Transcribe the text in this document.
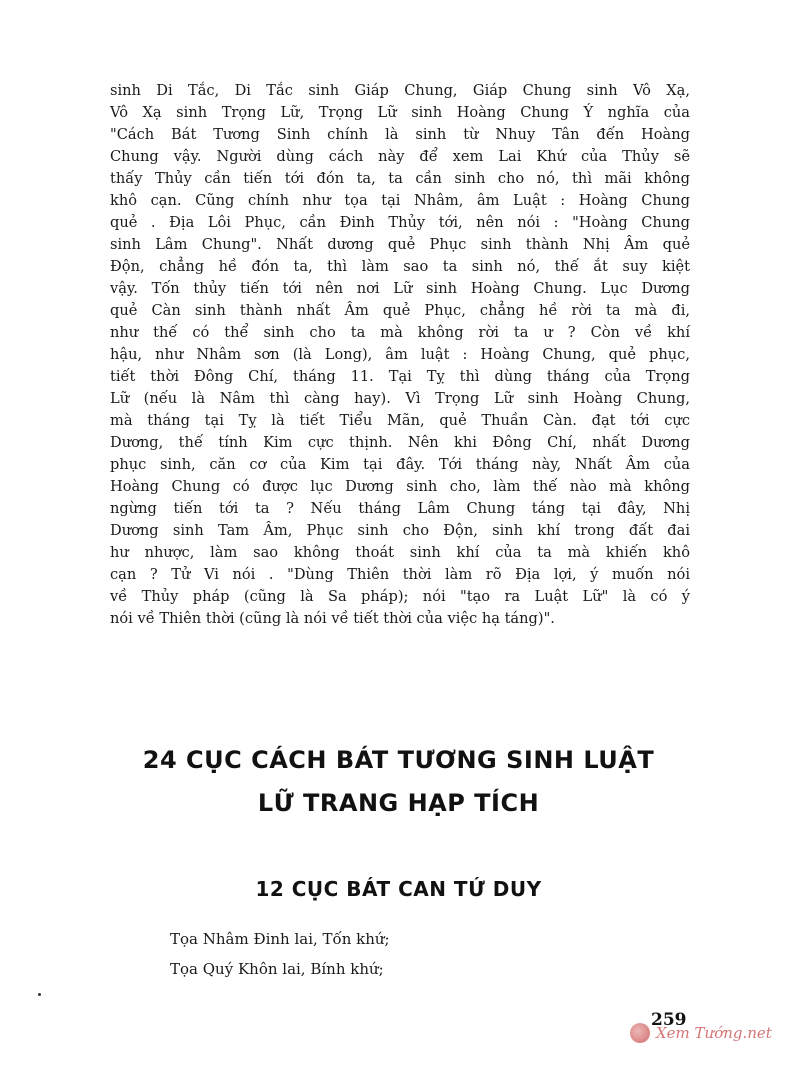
sinh Di Tắc, Di Tắc sinh Giáp Chung, Giáp Chung sinh Vô Xạ,
Vô Xạ sinh Trọng Lữ, Trọng Lữ sinh Hoàng Chung Ý nghĩa của
"Cách Bát Tương Sinh chính là sinh từ Nhuy Tân đến Hoàng
Chung vậy. Người dùng cách này để xem Lai Khứ của Thủy sẽ
thấy Thủy cần tiến tới đón ta, ta cần sinh cho nó, thì mãi không
khô cạn. Cũng chính như tọa tại Nhâm, âm Luật : Hoàng Chung
quẻ . Địa Lôi Phục, cần Đinh Thủy tới, nên nói : "Hoàng Chung
sinh Lâm Chung". Nhất dương quẻ Phục sinh thành Nhị Âm quẻ
Độn, chẳng hề đón ta, thì làm sao ta sinh nó, thế ắt suy kiệt
vậy. Tốn thủy tiến tới nên nơi Lữ sinh Hoàng Chung. Lục Dương
quẻ Càn sinh thành nhất Âm quẻ Phục, chẳng hề rời ta mà đi,
như thế có thể sinh cho ta mà không rời ta ư ? Còn về khí
hậu, như Nhâm sơn (là Long), âm luật : Hoàng Chung, quẻ phục,
tiết thời Đông Chí, tháng 11. Tại Tỵ thì dùng tháng của Trọng
Lữ (nếu là Nâm thì càng hay). Vì Trọng Lữ sinh Hoàng Chung,
mà tháng tại Tỵ là tiết Tiểu Mãn, quẻ Thuần Càn. đạt tới cực
Dương, thế tính Kim cực thịnh. Nên khi Đông Chí, nhất Dương
phục sinh, căn cơ của Kim tại đây. Tới tháng này, Nhất Âm của
Hoàng Chung có được lục Dương sinh cho, làm thế nào mà không
ngừng tiến tới ta ? Nếu tháng Lâm Chung táng tại đây, Nhị
Dương sinh Tam Âm, Phục sinh cho Độn, sinh khí trong đất đai
hư nhược, làm sao không thoát sinh khí của ta mà khiến khô
cạn ? Tử Vi nói . "Dùng Thiên thời làm rõ Địa lợi, ý muốn nói
về Thủy pháp (cũng là Sa pháp); nói "tạo ra Luật Lữ" là có ý
nói về Thiên thời (cũng là nói về tiết thời của việc hạ táng)".
24 CỤC CÁCH BÁT TƯƠNG SINH LUẬT
LỮ TRANG HẠP TÍCH
12 CỤC BÁT CAN TỨ DUY
Tọa Nhâm Đinh lai, Tốn khứ;
Tọa Quý Khôn lai, Bính khứ;
Xem Tướng.net
259
